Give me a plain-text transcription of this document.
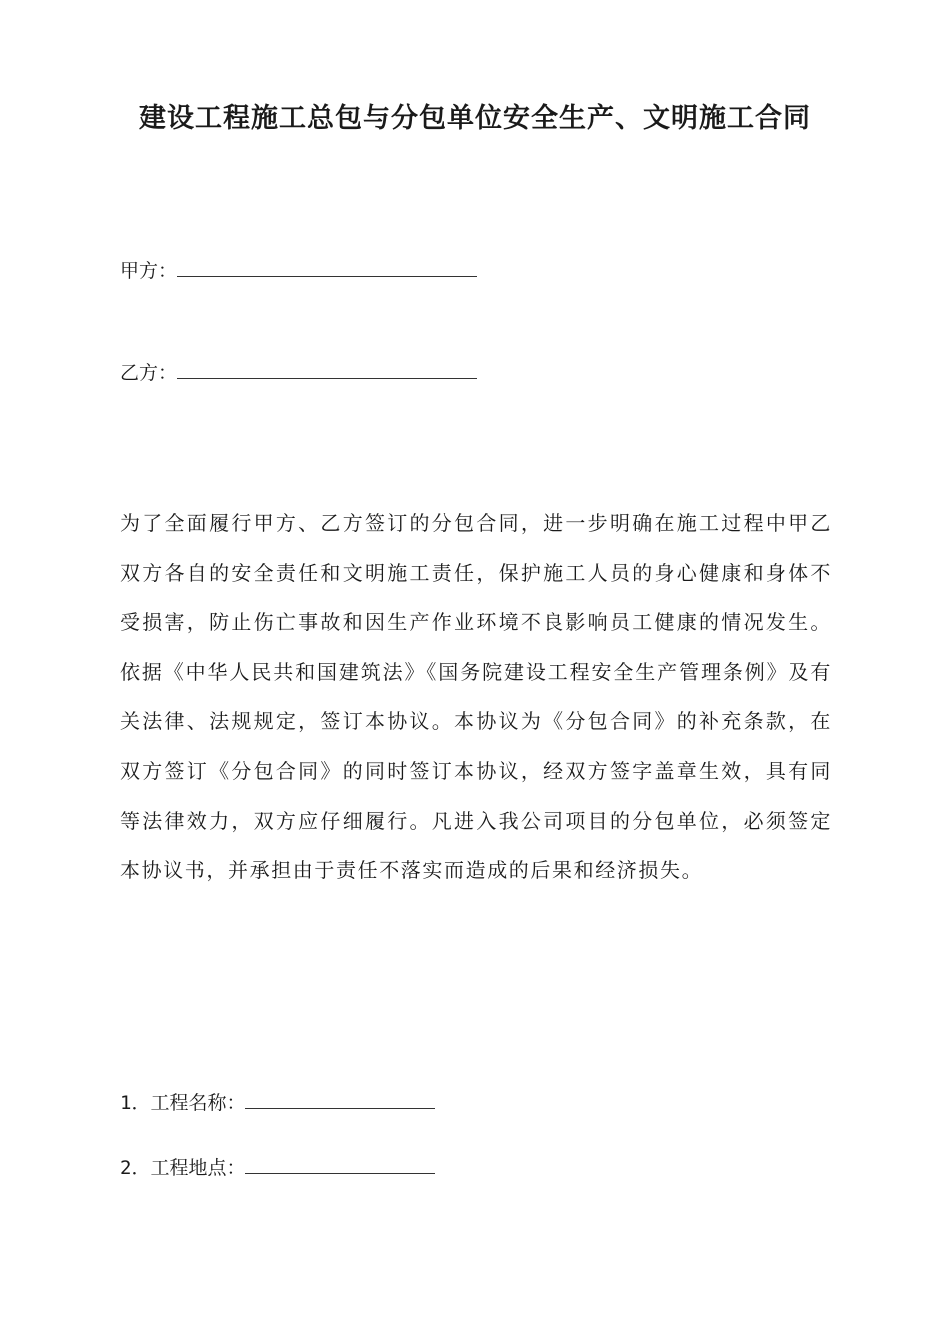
建设工程施工总包与分包单位安全生产、文明施工合同
甲方：
乙方：

为了全面履行甲方、乙方签订的分包合同，进一步明确在施工过程中甲乙双方各自的安全责任和文明施工责任，保护施工人员的身心健康和身体不受损害，防止伤亡事故和因生产作业环境不良影响员工健康的情况发生。依据《中华人民共和国建筑法》《国务院建设工程安全生产管理条例》及有关法律、法规规定，签订本协议。本协议为《分包合同》的补充条款，在双方签订《分包合同》的同时签订本协议，经双方签字盖章生效，具有同等法律效力，双方应仔细履行。凡进入我公司项目的分包单位，必须签定本协议书，并承担由于责任不落实而造成的后果和经济损失。

1．工程名称：
2．工程地点：
